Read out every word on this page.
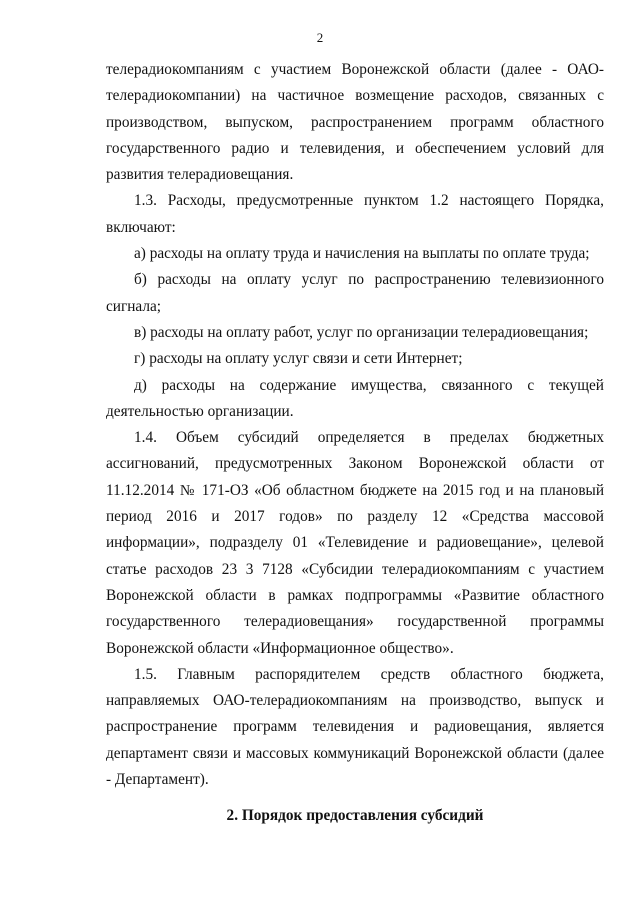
2

телерадиокомпаниям с участием Воронежской области (далее - ОАО-телерадиокомпании) на частичное возмещение расходов, связанных с производством, выпуском, распространением программ областного государственного радио и телевидения, и обеспечением условий для развития телерадиовещания.

1.3. Расходы, предусмотренные пунктом 1.2 настоящего Порядка, включают:

а) расходы на оплату труда и начисления на выплаты по оплате труда;

б) расходы на оплату услуг по распространению телевизионного сигнала;

в) расходы на оплату работ, услуг по организации телерадиовещания;

г) расходы на оплату услуг связи и сети Интернет;

д) расходы на содержание имущества, связанного с текущей деятельностью организации.

1.4. Объем субсидий определяется в пределах бюджетных ассигнований, предусмотренных Законом Воронежской области от 11.12.2014 № 171-ОЗ «Об областном бюджете на 2015 год и на плановый период 2016 и 2017 годов» по разделу 12 «Средства массовой информации», подразделу 01 «Телевидение и радиовещание», целевой статье расходов 23 3 7128 «Субсидии телерадиокомпаниям с участием Воронежской области в рамках подпрограммы «Развитие областного государственного телерадиовещания» государственной программы Воронежской области «Информационное общество».

1.5. Главным распорядителем средств областного бюджета, направляемых ОАО-телерадиокомпаниям на производство, выпуск и распространение программ телевидения и радиовещания, является департамент связи и массовых коммуникаций Воронежской области (далее - Департамент).

2. Порядок предоставления субсидий
